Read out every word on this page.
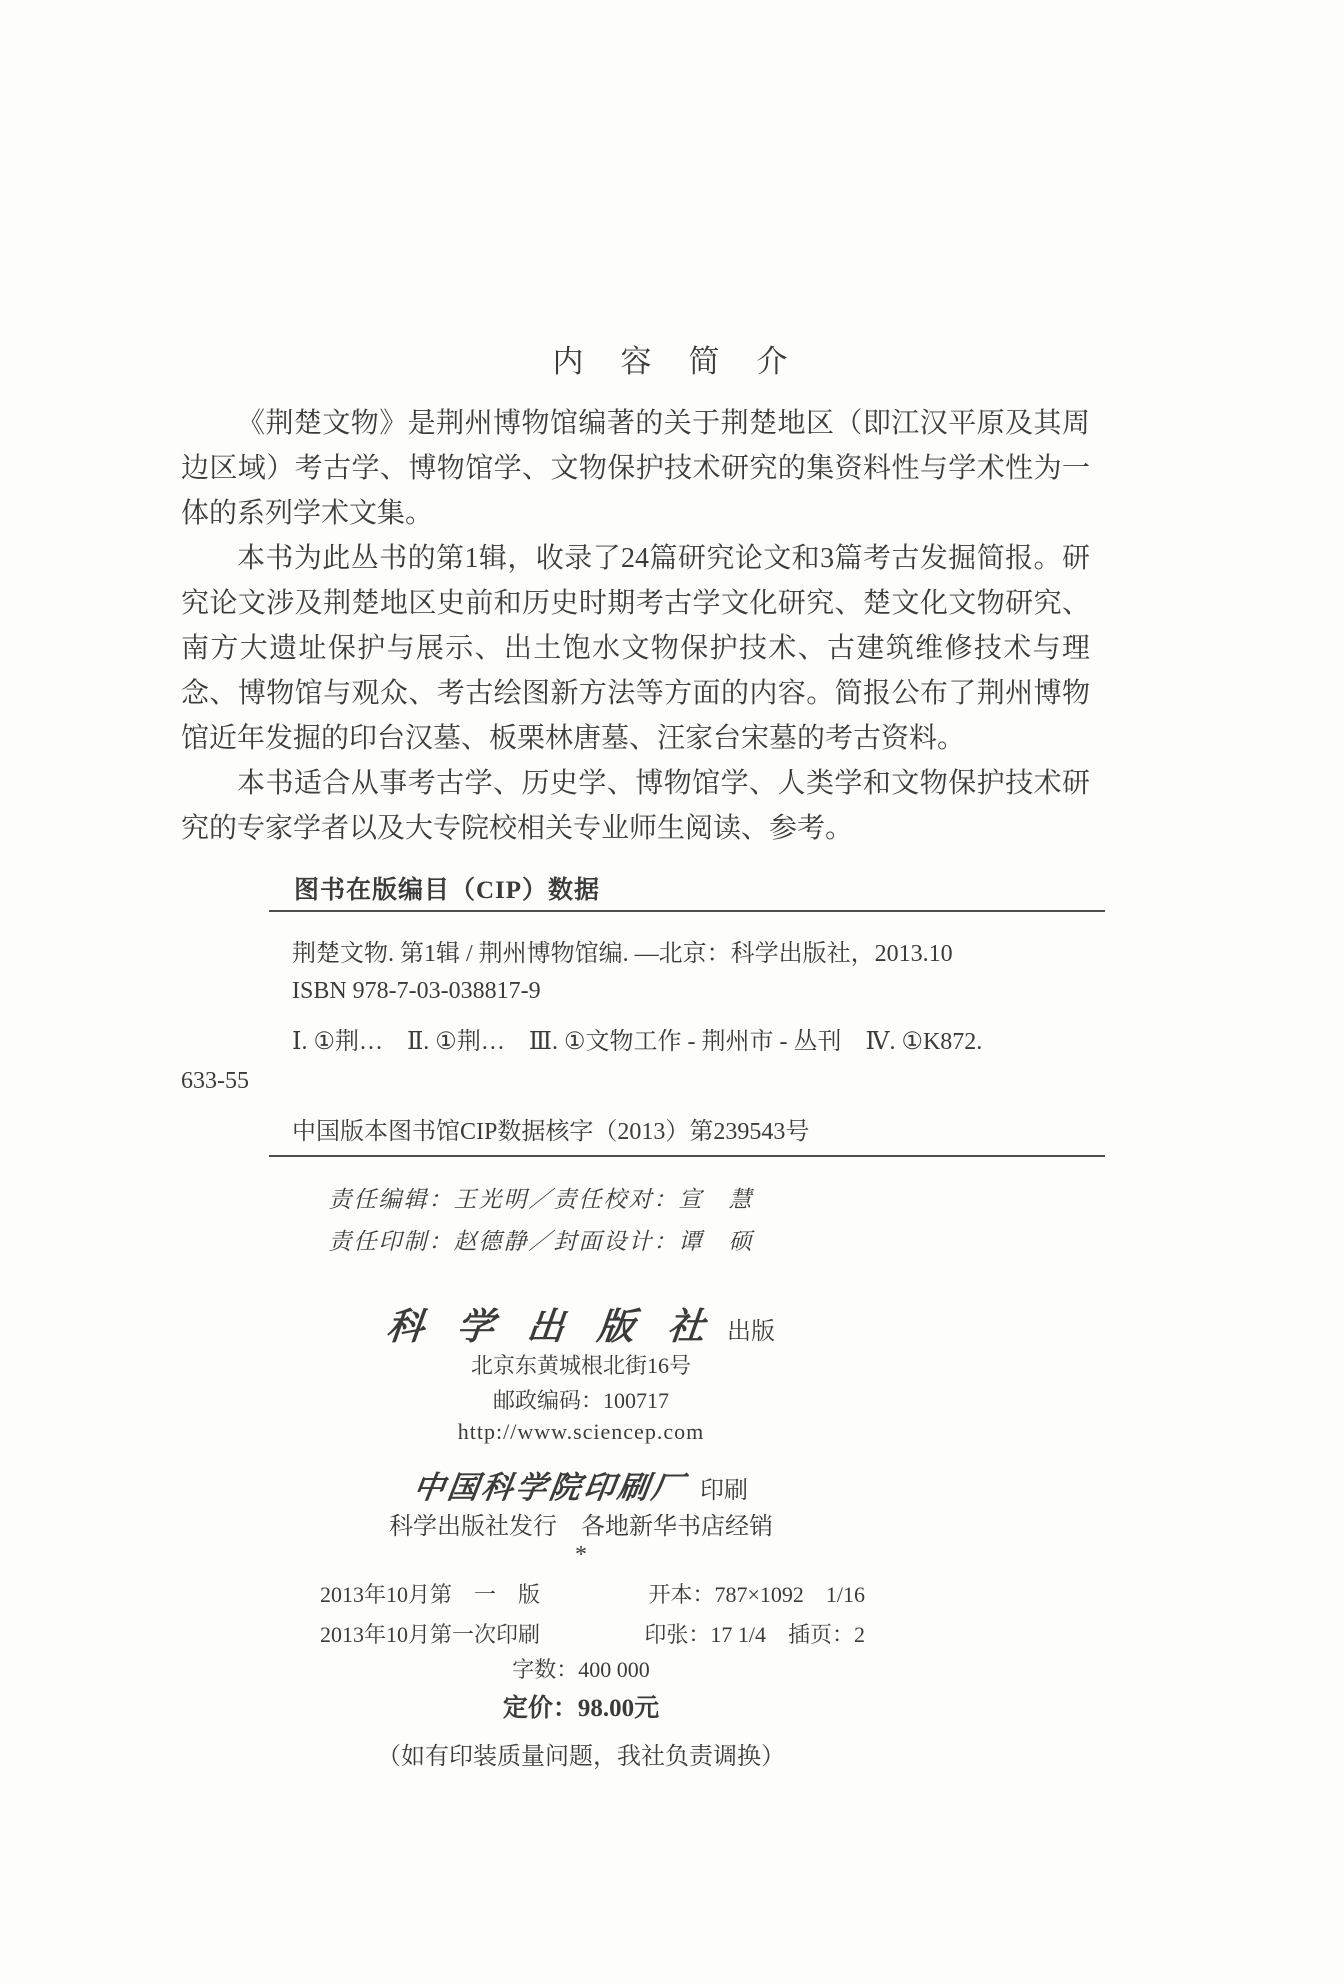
内　容　简　介

《荆楚文物》是荆州博物馆编著的关于荆楚地区（即江汉平原及其周边区域）考古学、博物馆学、文物保护技术研究的集资料性与学术性为一体的系列学术文集。

本书为此丛书的第1辑，收录了24篇研究论文和3篇考古发掘简报。研究论文涉及荆楚地区史前和历史时期考古学文化研究、楚文化文物研究、南方大遗址保护与展示、出土饱水文物保护技术、古建筑维修技术与理念、博物馆与观众、考古绘图新方法等方面的内容。简报公布了荆州博物馆近年发掘的印台汉墓、板栗林唐墓、汪家台宋墓的考古资料。

本书适合从事考古学、历史学、博物馆学、人类学和文物保护技术研究的专家学者以及大专院校相关专业师生阅读、参考。

图书在版编目（CIP）数据
荆楚文物. 第1辑 / 荆州博物馆编. —北京：科学出版社，2013.10
ISBN 978-7-03-038817-9
Ⅰ. ①荆…　Ⅱ. ①荆…　Ⅲ. ①文物工作 - 荆州市 - 丛刊　Ⅳ. ①K872.
633-55
中国版本图书馆CIP数据核字（2013）第239543号
责任编辑：王光明／责任校对：宣　慧
责任印制：赵德静／封面设计：谭　硕
科 学 出 版 社 出版
北京东黄城根北街16号
邮政编码：100717
http://www.sciencep.com
中国科学院印刷厂 印刷
科学出版社发行　各地新华书店经销
*
2013年10月第　一　版	开本：787×1092　1/16
2013年10月第一次印刷	印张：17 1/4　插页：2
字数：400 000
定价：98.00元
（如有印装质量问题，我社负责调换）
